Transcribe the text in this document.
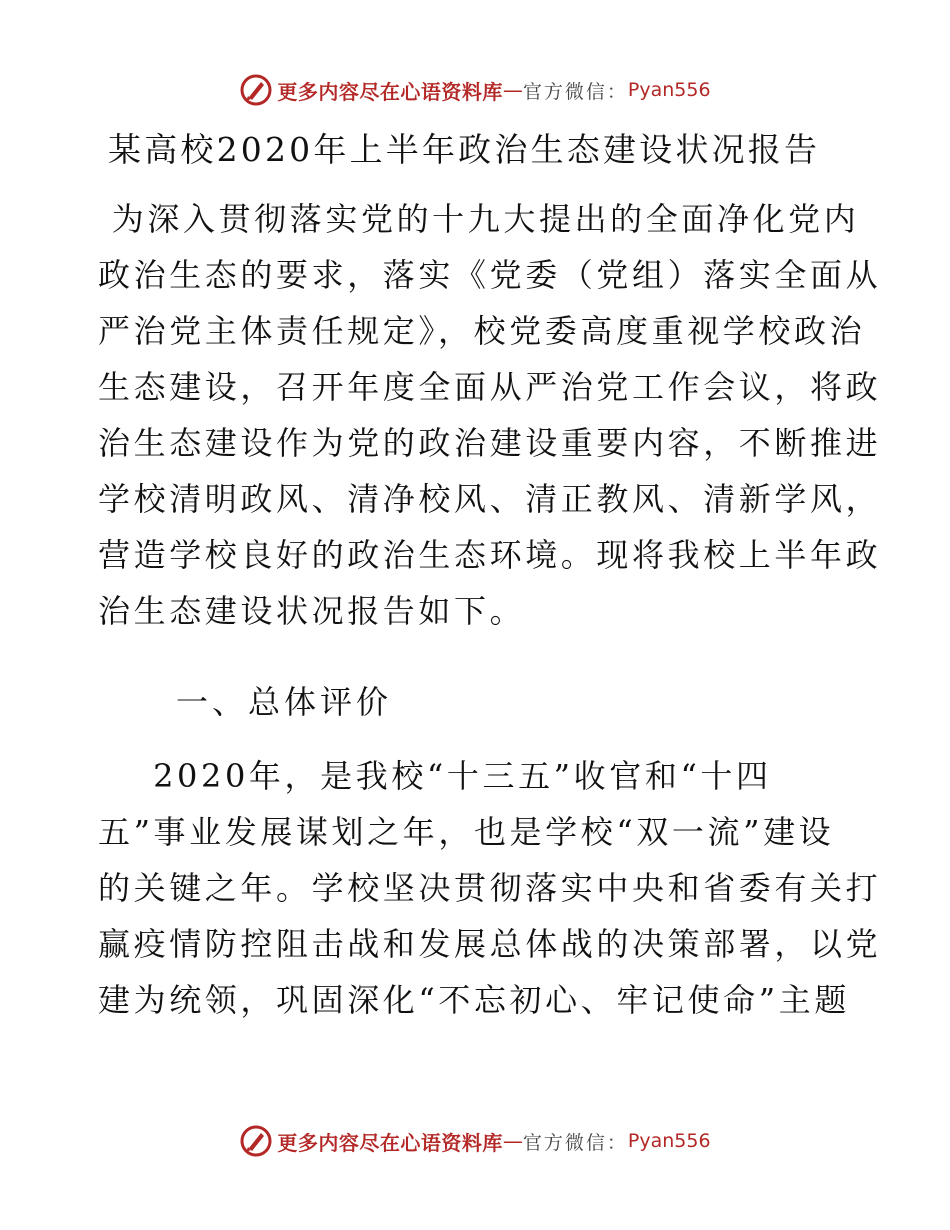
更多内容尽在心语资料库 — 官方微信： Pyan556
某高校2020年上半年政治生态建设状况报告

为深入贯彻落实党的十九大提出的全面净化党内
政治生态的要求，落实《党委（党组）落实全面从
严治党主体责任规定》，校党委高度重视学校政治
生态建设，召开年度全面从严治党工作会议，将政
治生态建设作为党的政治建设重要内容，不断推进
学校清明政风、清净校风、清正教风、清新学风，
营造学校良好的政治生态环境。现将我校上半年政
治生态建设状况报告如下。

一、总体评价

2020年，是我校“十三五”收官和“十四
五”事业发展谋划之年，也是学校“双一流”建设
的关键之年。学校坚决贯彻落实中央和省委有关打
赢疫情防控阻击战和发展总体战的决策部署，以党
建为统领，巩固深化“不忘初心、牢记使命”主题

更多内容尽在心语资料库 — 官方微信： Pyan556
